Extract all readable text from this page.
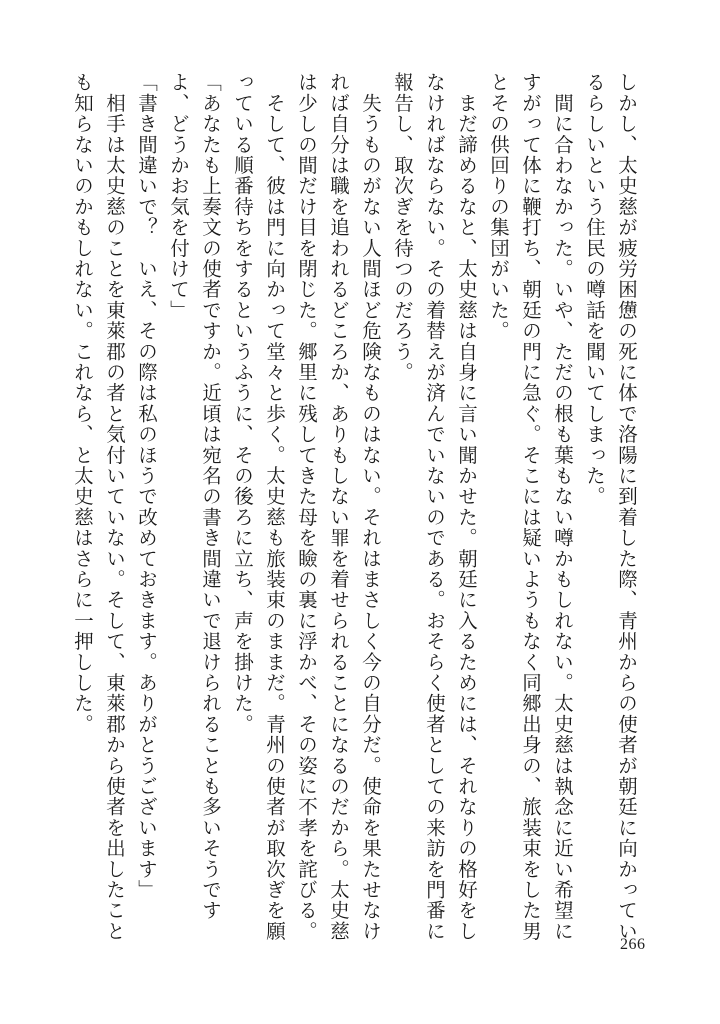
しかし、太史慈が疲労困憊の死に体で洛陽に到着した際、青州からの使者が朝廷に向かっているらしいという住民の噂話を聞いてしまった。

　間に合わなかった。いや、ただの根も葉もない噂かもしれない。太史慈は執念に近い希望にすがって体に鞭打ち、朝廷の門に急ぐ。そこには疑いようもなく同郷出身の、旅装束をした男とその供回りの集団がいた。

　まだ諦めるなと、太史慈は自身に言い聞かせた。朝廷に入るためには、それなりの格好をしなければならない。その着替えが済んでいないのである。おそらく使者としての来訪を門番に報告し、取次ぎを待つのだろう。

　失うものがない人間ほど危険なものはない。それはまさしく今の自分だ。使命を果たせなければ自分は職を追われるどころか、ありもしない罪を着せられることになるのだから。太史慈は少しの間だけ目を閉じた。郷里に残してきた母を瞼の裏に浮かべ、その姿に不孝を詫びる。

　そして、彼は門に向かって堂々と歩く。太史慈も旅装束のままだ。青州の使者が取次ぎを願っている順番待ちをするというふうに、その後ろに立ち、声を掛けた。

「あなたも上奏文の使者ですか。近頃は宛名の書き間違いで退けられることも多いそうですよ、どうかお気を付けて」

「書き間違いで？　いえ、その際は私のほうで改めておきます。ありがとうございます」

　相手は太史慈のことを東萊郡の者と気付いていない。そして、東萊郡から使者を出したことも知らないのかもしれない。これなら、と太史慈はさらに一押しした。

266
